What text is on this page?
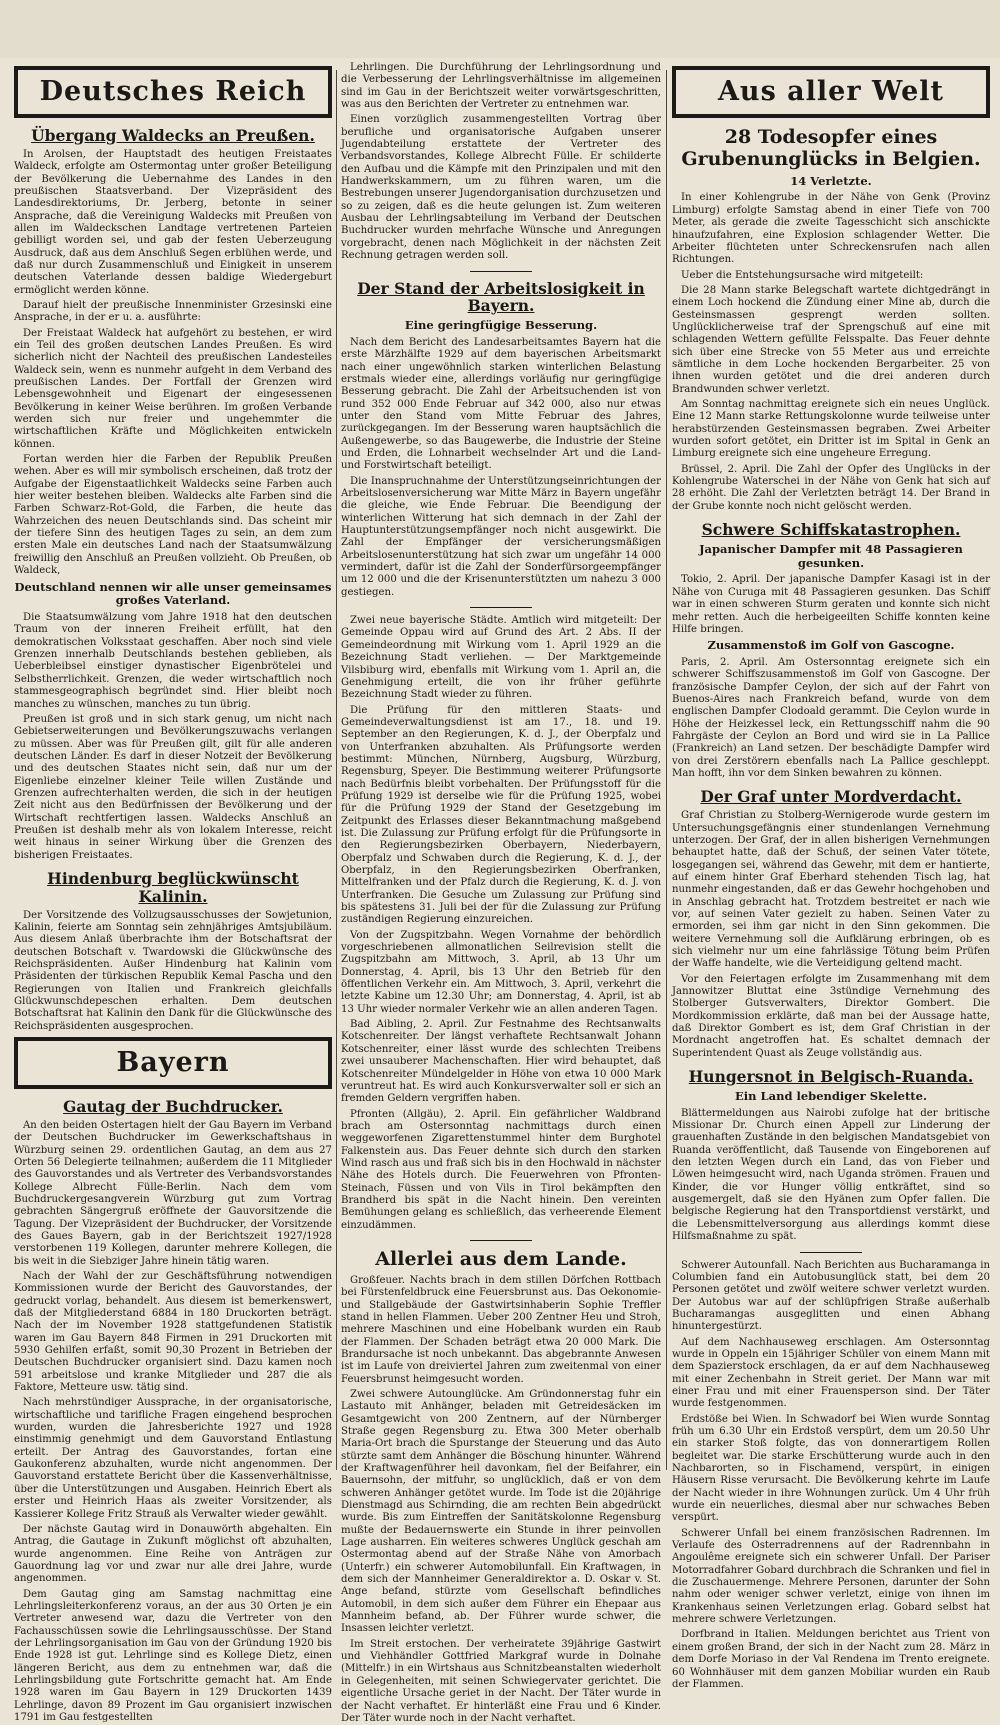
Deutsches Reich
Übergang Waldecks an Preußen.

In Arolsen, der Hauptstadt des heutigen Freistaates Waldeck, erfolgte am Ostermontag unter großer Beteiligung der Bevölkerung die Uebernahme des Landes in den preußischen Staatsverband. Der Vizepräsident des Landesdirektoriums, Dr. Jerberg, betonte in seiner Ansprache, daß die Vereinigung Waldecks mit Preußen von allen im Waldeckschen Landtage vertretenen Parteien gebilligt worden sei, und gab der festen Ueberzeugung Ausdruck, daß aus dem Anschluß Segen erblühen werde, und daß nur durch Zusammenschluß und Einigkeit in unserem deutschen Vaterlande dessen baldige Wiedergeburt ermöglicht werden könne.

Darauf hielt der preußische Innenminister Grzesinski eine Ansprache, in der er u. a. ausführte:

Der Freistaat Waldeck hat aufgehört zu bestehen, er wird ein Teil des großen deutschen Landes Preußen. Es wird sicherlich nicht der Nachteil des preußischen Landesteiles Waldeck sein, wenn es nunmehr aufgeht in dem Verband des preußischen Landes. Der Fortfall der Grenzen wird Lebensgewohnheit und Eigenart der eingesessenen Bevölkerung in keiner Weise berühren. Im großen Verbande werden sich nur freier und ungehemmter die wirtschaftlichen Kräfte und Möglichkeiten entwickeln können.

Fortan werden hier die Farben der Republik Preußen wehen. Aber es will mir symbolisch erscheinen, daß trotz der Aufgabe der Eigenstaatlichkeit Waldecks seine Farben auch hier weiter bestehen bleiben. Waldecks alte Farben sind die Farben Schwarz-Rot-Gold, die Farben, die heute das Wahrzeichen des neuen Deutschlands sind. Das scheint mir der tiefere Sinn des heutigen Tages zu sein, an dem zum ersten Male ein deutsches Land nach der Staatsumwälzung freiwillig den Anschluß an Preußen vollzieht. Ob Preußen, ob Waldeck,

Deutschland nennen wir alle unser gemeinsames großes Vaterland.

Die Staatsumwälzung vom Jahre 1918 hat den deutschen Traum von der inneren Freiheit erfüllt, hat den demokratischen Volksstaat geschaffen. Aber noch sind viele Grenzen innerhalb Deutschlands bestehen geblieben, als Ueberbleibsel einstiger dynastischer Eigenbrötelei und Selbstherrlichkeit. Grenzen, die weder wirtschaftlich noch stammesgeographisch begründet sind. Hier bleibt noch manches zu wünschen, manches zu tun übrig.

Preußen ist groß und in sich stark genug, um nicht nach Gebietserweiterungen und Bevölkerungszuwachs verlangen zu müssen. Aber was für Preußen gilt, gilt für alle anderen deutschen Länder. Es darf in dieser Notzeit der Bevölkerung und des deutschen Staates nicht sein, daß nur um der Eigenliebe einzelner kleiner Teile willen Zustände und Grenzen aufrechterhalten werden, die sich in der heutigen Zeit nicht aus den Bedürfnissen der Bevölkerung und der Wirtschaft rechtfertigen lassen. Waldecks Anschluß an Preußen ist deshalb mehr als von lokalem Interesse, reicht weit hinaus in seiner Wirkung über die Grenzen des bisherigen Freistaates.

Hindenburg beglückwünscht Kalinin.

Der Vorsitzende des Vollzugsausschusses der Sowjetunion, Kalinin, feierte am Sonntag sein zehnjähriges Amtsjubiläum. Aus diesem Anlaß überbrachte ihm der Botschaftsrat der deutschen Botschaft v. Twardowski die Glückwünsche des Reichspräsidenten. Außer Hindenburg hat Kalinin vom Präsidenten der türkischen Republik Kemal Pascha und den Regierungen von Italien und Frankreich gleichfalls Glückwunschdepeschen erhalten. Dem deutschen Botschaftsrat hat Kalinin den Dank für die Glückwünsche des Reichspräsidenten ausgesprochen.

Bayern
Gautag der Buchdrucker.

An den beiden Ostertagen hielt der Gau Bayern im Verband der Deutschen Buchdrucker im Gewerkschaftshaus in Würzburg seinen 29. ordentlichen Gautag, an dem aus 27 Orten 56 Delegierte teilnahmen; außerdem die 11 Mitglieder des Gauvorstandes und als Vertreter des Verbandsvorstandes Kollege Albrecht Fülle-Berlin. Nach dem vom Buchdruckergesangverein Würzburg gut zum Vortrag gebrachten Sängergruß eröffnete der Gauvorsitzende die Tagung. Der Vizepräsident der Buchdrucker, der Vorsitzende des Gaues Bayern, gab in der Berichtszeit 1927/1928 verstorbenen 119 Kollegen, darunter mehrere Kollegen, die bis weit in die Siebziger Jahre hinein tätig waren.

Nach der Wahl der zur Geschäftsführung notwendigen Kommissionen wurde der Bericht des Gauvorstandes, der gedruckt vorlag, behandelt. Aus diesem ist bemerkenswert, daß der Mitgliederstand 6884 in 180 Druckorten beträgt. Nach der im November 1928 stattgefundenen Statistik waren im Gau Bayern 848 Firmen in 291 Druckorten mit 5930 Gehilfen erfaßt, somit 90,30 Prozent in Betrieben der Deutschen Buchdrucker organisiert sind. Dazu kamen noch 591 arbeitslose und kranke Mitglieder und 287 die als Faktore, Metteure usw. tätig sind.

Nach mehrstündiger Aussprache, in der organisatorische, wirtschaftliche und tarifliche Fragen eingehend besprochen wurden, wurden die Jahresberichte 1927 und 1928 einstimmig genehmigt und dem Gauvorstand Entlastung erteilt. Der Antrag des Gauvorstandes, fortan eine Gaukonferenz abzuhalten, wurde nicht angenommen. Der Gauvorstand erstattete Bericht über die Kassenverhältnisse, über die Unterstützungen und Ausgaben. Heinrich Ebert als erster und Heinrich Haas als zweiter Vorsitzender, als Kassierer Kollege Fritz Strauß als Verwalter wieder gewählt.

Der nächste Gautag wird in Donauwörth abgehalten. Ein Antrag, die Gautage in Zukunft möglichst oft abzuhalten, wurde angenommen. Eine Reihe von Anträgen zur Gauordnung lag vor und zwar nur alle drei Jahre, wurde angenommen.

Dem Gautag ging am Samstag nachmittag eine Lehrlingsleiterkonferenz voraus, an der aus 30 Orten je ein Vertreter anwesend war, dazu die Vertreter von den Fachausschüssen sowie die Lehrlingsausschüsse. Der Stand der Lehrlingsorganisation im Gau von der Gründung 1920 bis Ende 1928 ist gut. Lehrlinge sind es Kollege Dietz, einen längeren Bericht, aus dem zu entnehmen war, daß die Lehrlingsbildung gute Fortschritte gemacht hat. Am Ende 1928 waren im Gau Bayern in 129 Druckorten 1439 Lehrlinge, davon 89 Prozent im Gau organisiert inzwischen 1791 im Gau festgestellten

Lehrlingen. Die Durchführung der Lehrlingsordnung und die Verbesserung der Lehrlingsverhältnisse im allgemeinen sind im Gau in der Berichtszeit weiter vorwärtsgeschritten, was aus den Berichten der Vertreter zu entnehmen war.

Einen vorzüglich zusammengestellten Vortrag über berufliche und organisatorische Aufgaben unserer Jugendabteilung erstattete der Vertreter des Verbandsvorstandes, Kollege Albrecht Fülle. Er schilderte den Aufbau und die Kämpfe mit den Prinzipalen und mit den Handwerkskammern, um zu führen waren, um die Bestrebungen unserer Jugendorganisation durchzusetzen und so zu zeigen, daß es die heute gelungen ist. Zum weiteren Ausbau der Lehrlingsabteilung im Verband der Deutschen Buchdrucker wurden mehrfache Wünsche und Anregungen vorgebracht, denen nach Möglichkeit in der nächsten Zeit Rechnung getragen werden soll.

Der Stand der Arbeitslosigkeit in Bayern.
Eine geringfügige Besserung.

Nach dem Bericht des Landesarbeitsamtes Bayern hat die erste Märzhälfte 1929 auf dem bayerischen Arbeitsmarkt nach einer ungewöhnlich starken winterlichen Belastung erstmals wieder eine, allerdings vorläufig nur geringfügige Besserung gebracht. Die Zahl der Arbeitsuchenden ist von rund 352 000 Ende Februar auf 342 000, also nur etwas unter den Stand vom Mitte Februar des Jahres, zurückgegangen. Im der Besserung waren hauptsächlich die Außengewerbe, so das Baugewerbe, die Industrie der Steine und Erden, die Lohnarbeit wechselnder Art und die Land- und Forstwirtschaft beteiligt.

Die Inanspruchnahme der Unterstützungseinrichtungen der Arbeitslosenversicherung war Mitte März in Bayern ungefähr die gleiche, wie Ende Februar. Die Beendigung der winterlichen Witterung hat sich demnach in der Zahl der Hauptunterstützungsempfänger noch nicht ausgewirkt. Die Zahl der Empfänger der versicherungsmäßigen Arbeitslosenunterstützung hat sich zwar um ungefähr 14 000 vermindert, dafür ist die Zahl der Sonderfürsorgeempfänger um 12 000 und die der Krisenunterstützten um nahezu 3 000 gestiegen.

Zwei neue bayerische Städte. Amtlich wird mitgeteilt: Der Gemeinde Oppau wird auf Grund des Art. 2 Abs. II der Gemeindeordnung mit Wirkung vom 1. April 1929 an die Bezeichnung Stadt verliehen. — Der Marktgemeinde Vilsbiburg wird, ebenfalls mit Wirkung vom 1. April an, die Genehmigung erteilt, die von ihr früher geführte Bezeichnung Stadt wieder zu führen.

Die Prüfung für den mittleren Staats- und Gemeindeverwaltungsdienst ist am 17., 18. und 19. September an den Regierungen, K. d. J., der Oberpfalz und von Unterfranken abzuhalten. Als Prüfungsorte werden bestimmt: München, Nürnberg, Augsburg, Würzburg, Regensburg, Speyer. Die Bestimmung weiterer Prüfungsorte nach Bedürfnis bleibt vorbehalten. Der Prüfungsstoff für die Prüfung 1929 ist derselbe wie für die Prüfung 1925, wobei für die Prüfung 1929 der Stand der Gesetzgebung im Zeitpunkt des Erlasses dieser Bekanntmachung maßgebend ist. Die Zulassung zur Prüfung erfolgt für die Prüfungsorte in den Regierungsbezirken Oberbayern, Niederbayern, Oberpfalz und Schwaben durch die Regierung, K. d. J., der Oberpfalz, in den Regierungsbezirken Oberfranken, Mittelfranken und der Pfalz durch die Regierung, K. d. J. von Unterfranken. Die Gesuche um Zulassung zur Prüfung sind bis spätestens 31. Juli bei der für die Zulassung zur Prüfung zuständigen Regierung einzureichen.

Von der Zugspitzbahn. Wegen Vornahme der behördlich vorgeschriebenen allmonatlichen Seilrevision stellt die Zugspitzbahn am Mittwoch, 3. April, ab 13 Uhr um Donnerstag, 4. April, bis 13 Uhr den Betrieb für den öffentlichen Verkehr ein. Am Mittwoch, 3. April, verkehrt die letzte Kabine um 12.30 Uhr; am Donnerstag, 4. April, ist ab 13 Uhr wieder normaler Verkehr wie an allen anderen Tagen.

Bad Aibling, 2. April. Zur Festnahme des Rechtsanwalts Kotschenreiter. Der längst verhaftete Rechtsanwalt Johann Kotschenreiter, einer lässt wurde des schlechten Treibens zwei unsauberer Machenschaften. Hier wird behauptet, daß Kotschenreiter Mündelgelder in Höhe von etwa 10 000 Mark veruntreut hat. Es wird auch Konkursverwalter soll er sich an fremden Geldern vergriffen haben.

Pfronten (Allgäu), 2. April. Ein gefährlicher Waldbrand brach am Ostersonntag nachmittags durch einen weggeworfenen Zigarettenstummel hinter dem Burghotel Falkenstein aus. Das Feuer dehnte sich durch den starken Wind rasch aus und fraß sich bis in den Hochwald in nächster Nähe des Hotels durch. Die Feuerwehren von Pfronten-Steinach, Füssen und von Vils in Tirol bekämpften den Brandherd bis spät in die Nacht hinein. Den vereinten Bemühungen gelang es schließlich, das verheerende Element einzudämmen.

Allerlei aus dem Lande.

Großfeuer. Nachts brach in dem stillen Dörfchen Rottbach bei Fürstenfeldbruck eine Feuersbrunst aus. Das Oekonomie- und Stallgebäude der Gastwirtsinhaberin Sophie Treffler stand in hellen Flammen. Ueber 200 Zentner Heu und Stroh, mehrere Maschinen und eine Hobelbank wurden ein Raub der Flammen. Der Schaden beträgt etwa 20 000 Mark. Die Brandursache ist noch unbekannt. Das abgebrannte Anwesen ist im Laufe von dreiviertel Jahren zum zweitenmal von einer Feuersbrunst heimgesucht worden.

Zwei schwere Autounglücke. Am Gründonnerstag fuhr ein Lastauto mit Anhänger, beladen mit Getreidesäcken im Gesamtgewicht von 200 Zentnern, auf der Nürnberger Straße gegen Regensburg zu. Etwa 300 Meter oberhalb Maria-Ort brach die Spurstange der Steuerung und das Auto stürzte samt dem Anhänger die Böschung hinunter. Während der Kraftwagenführer heil davonkam, fiel der Beifahrer, ein Bauernsohn, der mitfuhr, so unglücklich, daß er von dem schweren Anhänger getötet wurde. Im Tode ist die 20jährige Dienstmagd aus Schirnding, die am rechten Bein abgedrückt wurde. Bis zum Eintreffen der Sanitätskolonne Regensburg mußte der Bedauernswerte ein Stunde in ihrer peinvollen Lage ausharren. Ein weiteres schweres Unglück geschah am Ostermontag abend auf der Straße Nähe von Amorbach (Unterfr.) ein schwerer Automobilunfall. Ein Kraftwagen, in dem sich der Mannheimer Generaldirektor a. D. Oskar v. St. Ange befand, stürzte vom Gesellschaft befindliches Automobil, in dem sich außer dem Führer ein Ehepaar aus Mannheim befand, ab. Der Führer wurde schwer, die Insassen leichter verletzt.

Im Streit erstochen. Der verheiratete 39jährige Gastwirt und Viehhändler Gottfried Markgraf wurde in Dolnahe (Mittelfr.) in ein Wirtshaus aus Schnitzbeanstalten wiederholt in Gelegenheiten, mit seinen Schwiegervater gerichtet. Die eigentliche Ursache geriet in der Nacht. Der Täter wurde in der Nacht verhaftet. Er hinterläßt eine Frau und 6 Kinder. Der Täter wurde noch in der Nacht verhaftet.

Aus aller Welt
28 Todesopfer eines Grubenunglücks in Belgien.
14 Verletzte.

In einer Kohlengrube in der Nähe von Genk (Provinz Limburg) erfolgte Samstag abend in einer Tiefe von 700 Meter, als gerade die zweite Tagesschicht sich anschickte hinaufzufahren, eine Explosion schlagender Wetter. Die Arbeiter flüchteten unter Schreckensrufen nach allen Richtungen.

Ueber die Entstehungsursache wird mitgeteilt:

Die 28 Mann starke Belegschaft wartete dichtgedrängt in einem Loch hockend die Zündung einer Mine ab, durch die Gesteinsmassen gesprengt werden sollten. Unglücklicherweise traf der Sprengschuß auf eine mit schlagenden Wettern gefüllte Felsspalte. Das Feuer dehnte sich über eine Strecke von 55 Meter aus und erreichte sämtliche in dem Loche hockenden Bergarbeiter. 25 von ihnen wurden getötet und die drei anderen durch Brandwunden schwer verletzt.

Am Sonntag nachmittag ereignete sich ein neues Unglück. Eine 12 Mann starke Rettungskolonne wurde teilweise unter herabstürzenden Gesteinsmassen begraben. Zwei Arbeiter wurden sofort getötet, ein Dritter ist im Spital in Genk an Limburg ereignete sich eine ungeheure Erregung.

Brüssel, 2. April. Die Zahl der Opfer des Unglücks in der Kohlengrube Waterschei in der Nähe von Genk hat sich auf 28 erhöht. Die Zahl der Verletzten beträgt 14. Der Brand in der Grube konnte noch nicht gelöscht werden.

Schwere Schiffskatastrophen.
Japanischer Dampfer mit 48 Passagieren gesunken.

Tokio, 2. April. Der japanische Dampfer Kasagi ist in der Nähe von Curuga mit 48 Passagieren gesunken. Das Schiff war in einen schweren Sturm geraten und konnte sich nicht mehr retten. Auch die herbeigeeilten Schiffe konnten keine Hilfe bringen.

Zusammenstoß im Golf von Gascogne.

Paris, 2. April. Am Ostersonntag ereignete sich ein schwerer Schiffszusammenstoß im Golf von Gascogne. Der französische Dampfer Ceylon, der sich auf der Fahrt von Buenos-Aires nach Frankreich befand, wurde von dem englischen Dampfer Clodoald gerammt. Die Ceylon wurde in Höhe der Heizkessel leck, ein Rettungsschiff nahm die 90 Fahrgäste der Ceylon an Bord und wird sie in La Pallice (Frankreich) an Land setzen. Der beschädigte Dampfer wird von drei Zerstörern ebenfalls nach La Pallice geschleppt. Man hofft, ihn vor dem Sinken bewahren zu können.

Der Graf unter Mordverdacht.

Graf Christian zu Stolberg-Wernigerode wurde gestern im Untersuchungsgefängnis einer stundenlangen Vernehmung unterzogen. Der Graf, der in allen bisherigen Vernehmungen behauptet hatte, daß der Schuß, der seinen Vater tötete, losgegangen sei, während das Gewehr, mit dem er hantierte, auf einem hinter Graf Eberhard stehenden Tisch lag, hat nunmehr eingestanden, daß er das Gewehr hochgehoben und in Anschlag gebracht hat. Trotzdem bestreitet er nach wie vor, auf seinen Vater gezielt zu haben. Seinen Vater zu ermorden, sei ihm gar nicht in den Sinn gekommen. Die weitere Vernehmung soll die Aufklärung erbringen, ob es sich vielmehr nur um eine fahrlässige Tötung beim Prüfen der Waffe handelte, wie die Verteidigung geltend macht.

Vor den Feiertagen erfolgte im Zusammenhang mit dem Jannowitzer Bluttat eine 3stündige Vernehmung des Stolberger Gutsverwalters, Direktor Gombert. Die Mordkommission erklärte, daß man bei der Aussage hatte, daß Direktor Gombert es ist, dem Graf Christian in der Mordnacht angetroffen hat. Es schaltet demnach der Superintendent Quast als Zeuge vollständig aus.

Hungersnot in Belgisch-Ruanda.
Ein Land lebendiger Skelette.

Blättermeldungen aus Nairobi zufolge hat der britische Missionar Dr. Church einen Appell zur Linderung der grauenhaften Zustände in den belgischen Mandatsgebiet von Ruanda veröffentlicht, daß Tausende von Eingeborenen auf den letzten Wegen durch ein Land, das von Fieber und Löwen heimgesucht wird, nach Uganda strömen. Frauen und Kinder, die vor Hunger völlig entkräftet, sind so ausgemergelt, daß sie den Hyänen zum Opfer fallen. Die belgische Regierung hat den Transportdienst verstärkt, und die Lebensmittelversorgung aus allerdings kommt diese Hilfsmaßnahme zu spät.

Schwerer Autounfall. Nach Berichten aus Bucharamanga in Columbien fand ein Autobusunglück statt, bei dem 20 Personen getötet und zwölf weitere schwer verletzt wurden. Der Autobus war auf der schlüpfrigen Straße außerhalb Bucharamangas ausgeglitten und einen Abhang hinuntergestürzt.

Auf dem Nachhauseweg erschlagen. Am Ostersonntag wurde in Oppeln ein 15jähriger Schüler von einem Mann mit dem Spazierstock erschlagen, da er auf dem Nachhauseweg mit einer Zechenbahn in Streit geriet. Der Mann war mit einer Frau und mit einer Frauensperson sind. Der Täter wurde festgenommen.

Erdstöße bei Wien. In Schwadorf bei Wien wurde Sonntag früh um 6.30 Uhr ein Erdstoß verspürt, dem um 20.50 Uhr ein starker Stoß folgte, das von donnerartigem Rollen begleitet war. Die starke Erschütterung wurde auch in den Nachbarorten, so in Fischamend, verspürt, in einigen Häusern Risse verursacht. Die Bevölkerung kehrte im Laufe der Nacht wieder in ihre Wohnungen zurück. Um 4 Uhr früh wurde ein neuerliches, diesmal aber nur schwaches Beben verspürt.

Schwerer Unfall bei einem französischen Radrennen. Im Verlaufe des Osterradrennens auf der Radrennbahn in Angoulême ereignete sich ein schwerer Unfall. Der Pariser Motorradfahrer Gobard durchbrach die Schranken und fiel in die Zuschauermenge. Mehrere Personen, darunter der Sohn nahm oder weniger schwer verletzt, einige von ihnen im Krankenhaus seinen Verletzungen erlag. Gobard selbst hat mehrere schwere Verletzungen.

Dorfbrand in Italien. Meldungen berichtet aus Trient von einem großen Brand, der sich in der Nacht zum 28. März in dem Dorfe Moriaso in der Val Rendena im Trento ereignete. 60 Wohnhäuser mit dem ganzen Mobiliar wurden ein Raub der Flammen.
